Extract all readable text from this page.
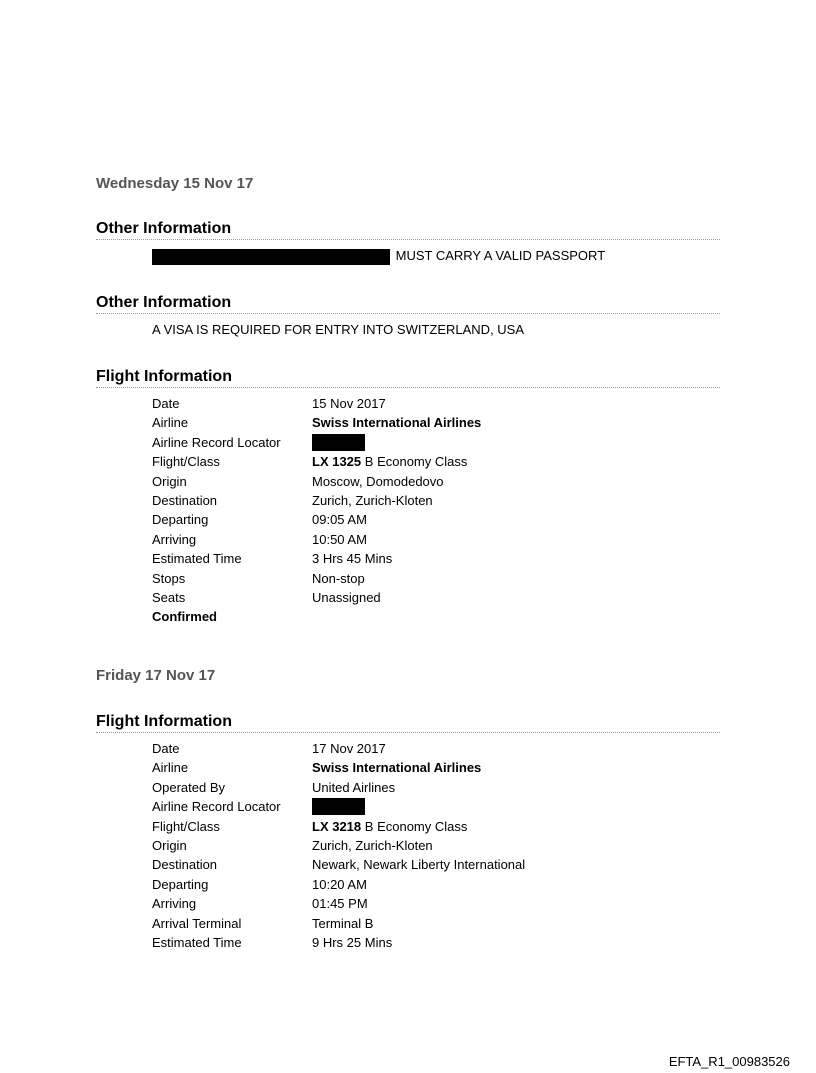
Wednesday 15 Nov 17
Other Information
MUST CARRY A VALID PASSPORT
Other Information
A VISA IS REQUIRED FOR ENTRY INTO SWITZERLAND, USA
Flight Information
Date	15 Nov 2017
Airline	Swiss International Airlines
Airline Record Locator
Flight/Class	LX 1325 B Economy Class
Origin	Moscow, Domodedovo
Destination	Zurich, Zurich-Kloten
Departing	09:05 AM
Arriving	10:50 AM
Estimated Time	3 Hrs 45 Mins
Stops	Non-stop
Seats	Unassigned
Confirmed
Friday 17 Nov 17
Flight Information
Date	17 Nov 2017
Airline	Swiss International Airlines
Operated By	United Airlines
Airline Record Locator
Flight/Class	LX 3218 B Economy Class
Origin	Zurich, Zurich-Kloten
Destination	Newark, Newark Liberty International
Departing	10:20 AM
Arriving	01:45 PM
Arrival Terminal	Terminal B
Estimated Time	9 Hrs 25 Mins
EFTA_R1_00983526
